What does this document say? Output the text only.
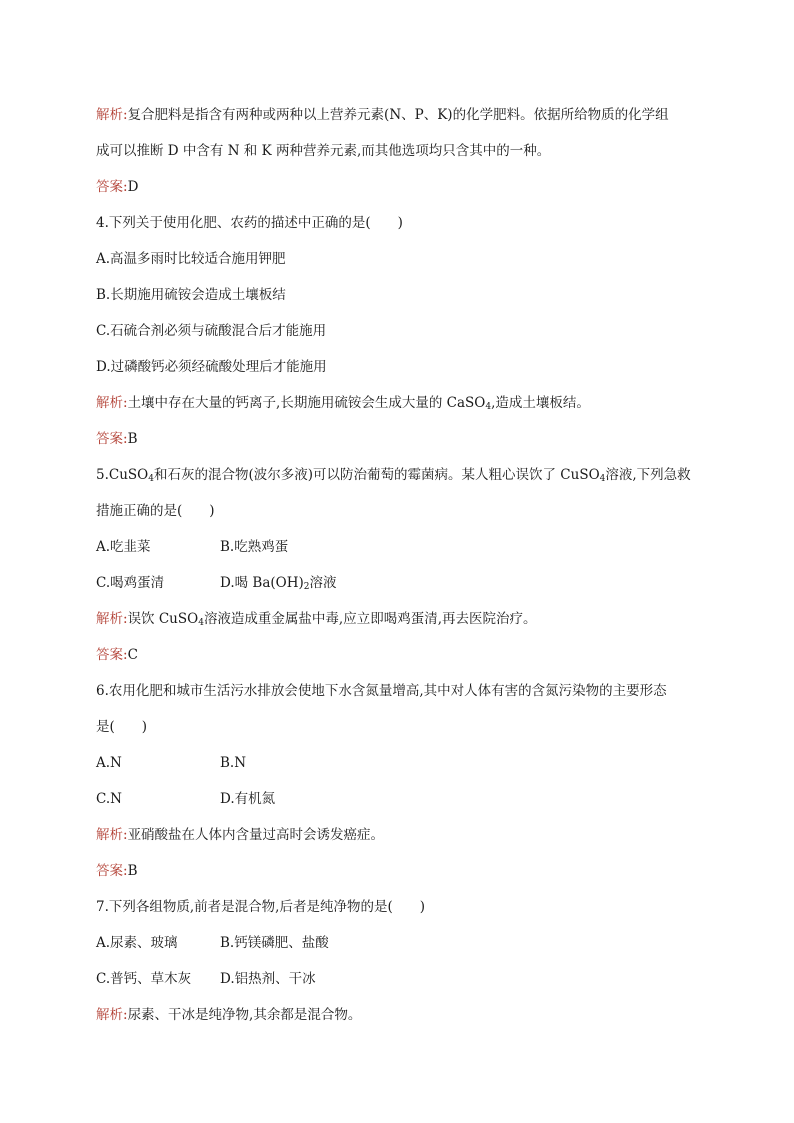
解析:复合肥料是指含有两种或两种以上营养元素(N、P、K)的化学肥料。依据所给物质的化学组
成可以推断 D 中含有 N 和 K 两种营养元素,而其他选项均只含其中的一种。
答案:D
4.下列关于使用化肥、农药的描述中正确的是(　　)
A.高温多雨时比较适合施用钾肥
B.长期施用硫铵会造成土壤板结
C.石硫合剂必须与硫酸混合后才能施用
D.过磷酸钙必须经硫酸处理后才能施用
解析:土壤中存在大量的钙离子,长期施用硫铵会生成大量的 CaSO$_4$,造成土壤板结。
答案:B
5.CuSO$_4$和石灰的混合物(波尔多液)可以防治葡萄的霉菌病。某人粗心误饮了 CuSO$_4$溶液,下列急救
措施正确的是(　　)
A.吃韭菜	B.吃熟鸡蛋
C.喝鸡蛋清	D.喝 $Ba(OH)_2$溶液
解析:误饮 CuSO$_4$溶液造成重金属盐中毒,应立即喝鸡蛋清,再去医院治疗。
答案:C
6.农用化肥和城市生活污水排放会使地下水含氮量增高,其中对人体有害的含氮污染物的主要形态
是(　　)
A.N	B.N
C.N	D.有机氮
解析:亚硝酸盐在人体内含量过高时会诱发癌症。
答案:B
7.下列各组物质,前者是混合物,后者是纯净物的是(　　)
A.尿素、玻璃	B.钙镁磷肥、盐酸
C.普钙、草木灰 D.铝热剂、干冰
解析:尿素、干冰是纯净物,其余都是混合物。
